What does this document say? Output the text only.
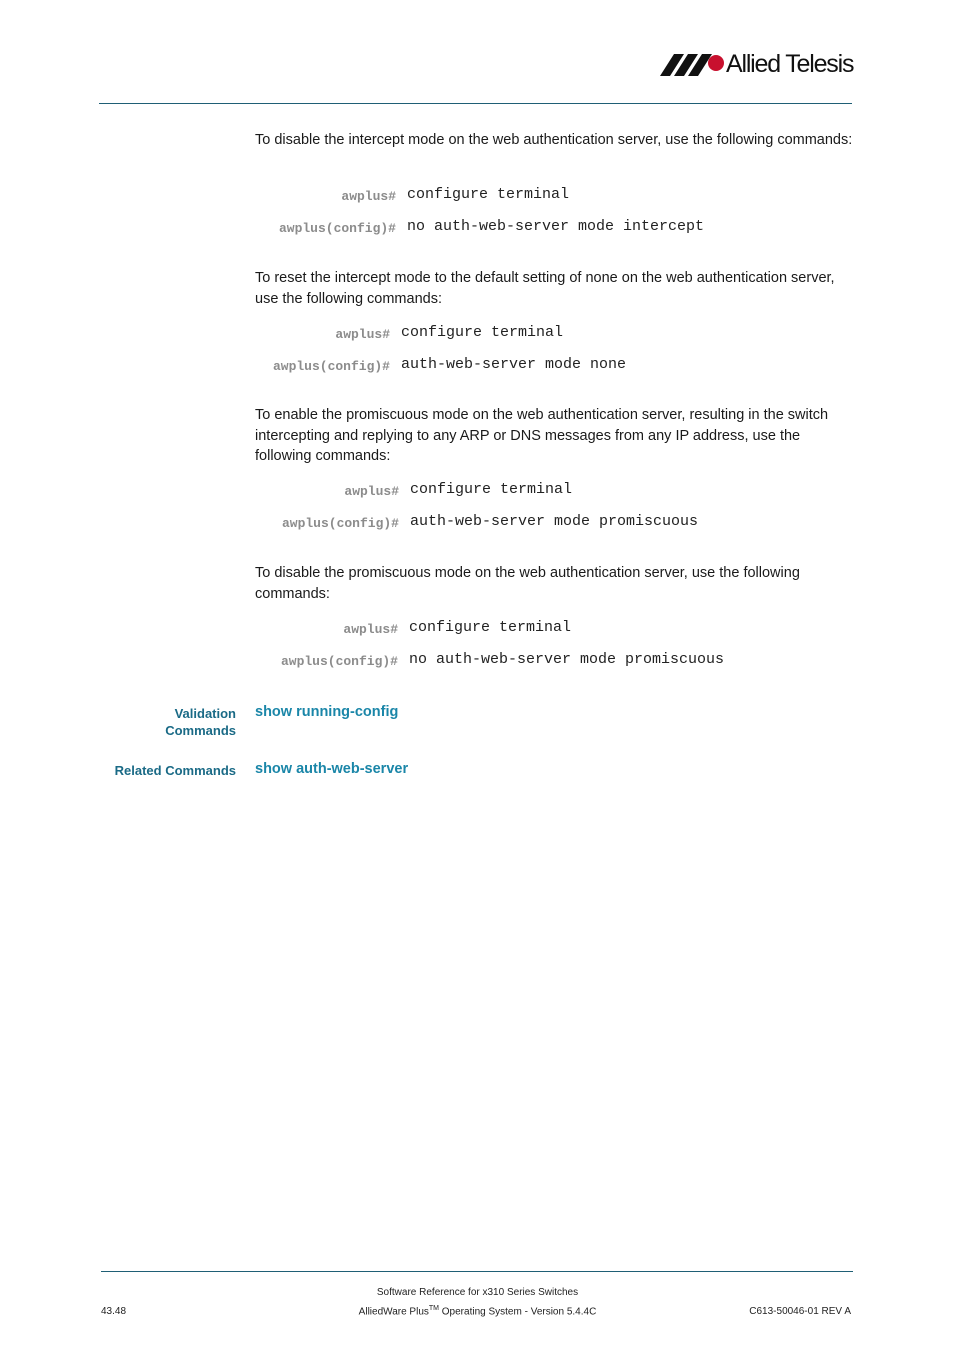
Allied Telesis
To disable the intercept mode on the web authentication server, use the following commands:
awplus# configure terminal
awplus(config)# no auth-web-server mode intercept
To reset the intercept mode to the default setting of none on the web authentication server, use the following commands:
awplus# configure terminal
awplus(config)# auth-web-server mode none
To enable the promiscuous mode on the web authentication server, resulting in the switch intercepting and replying to any ARP or DNS messages from any IP address, use the following commands:
awplus# configure terminal
awplus(config)# auth-web-server mode promiscuous
To disable the promiscuous mode on the web authentication server, use the following commands:
awplus# configure terminal
awplus(config)# no auth-web-server mode promiscuous
Validation
Commands
show running-config
Related Commands show auth-web-server
Software Reference for x310 Series Switches
AlliedWare Plus™ Operating System - Version 5.4.4C
43.48	C613-50046-01 REV A
